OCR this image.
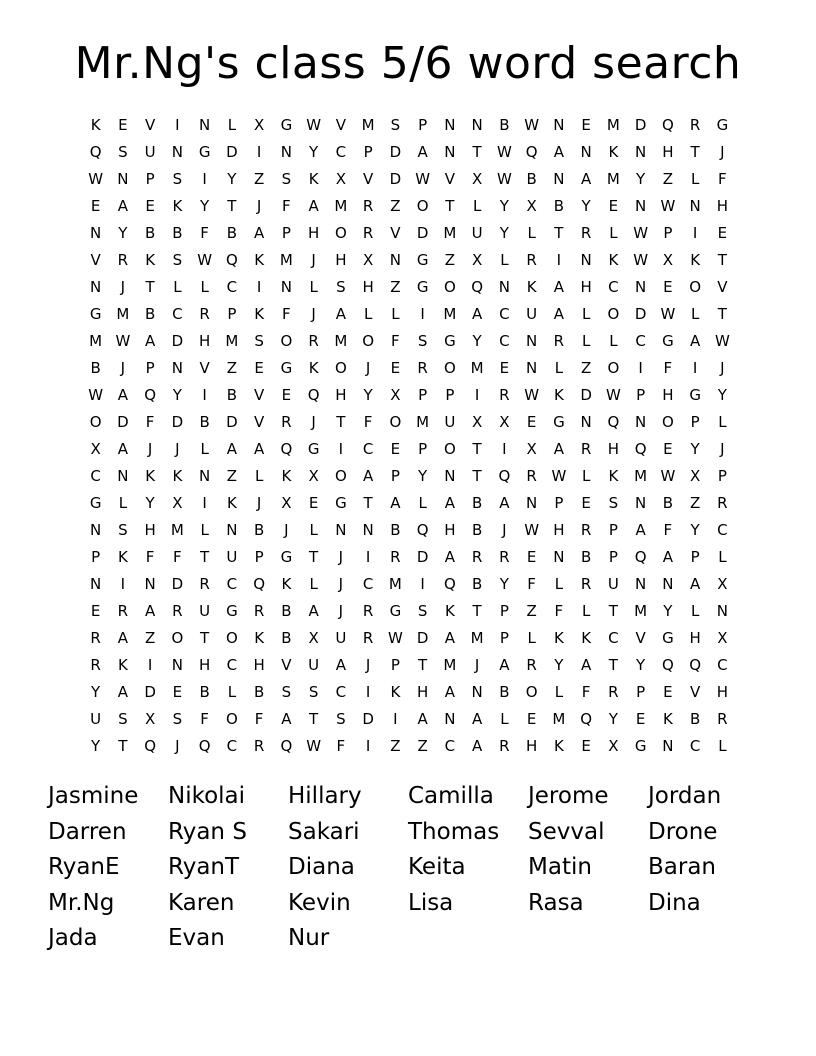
Mr.Ng's class 5/6 word search
K	E	V	I	N	L	X	G W V	M	S	P	N	N	B W N	E	M	D	Q	R	G
Q	S	U	N	G	D	I	N	Y	C	P	D	A	N	T	W Q	A	N	K	N	H	T	J
W N	P	S	I	Y	Z	S	K	X	V	D W V	X W B	N	A	M	Y	Z	L	F
E	A	E	K	Y	T	J	F	A	M	R	Z	O	T	L	Y	X	B	Y	E	N W N	H
N	Y	B	B	F	B	A	P	H	O	R	V	D M	U	Y	L	T	R	L	W	P	I	E
V	R	K	S	W Q	K	M	J	H	X	N	G	Z	X	L	R	I	N	K W X	K	T
N	J	T	L	L	C	I	N	L	S	H	Z	G	O	Q	N	K	A	H	C	N	E	O	V
G M	B	C	R	P	K	F	J	A	L	L	I	M	A	C	U	A	L	O	D W	L	T
M W A	D	H	M	S	O	R	M O	F	S	G	Y	C	N	R	L	L	C	G	A W
B	J	P	N	V	Z	E	G	K	O	J	E	R	O M	E	N	L	Z	O	I	F	I	J
W A	Q	Y	I	B	V	E	Q	H	Y	X	P	P	I	R W K	D W	P	H	G	Y
O	D	F	D	B	D	V	R	J	T	F	O M	U	X	X	E	G	N	Q	N	O	P	L
X	A	J	J	L	A	A	Q	G	I	C	E	P	O	T	I	X	A	R	H	Q	E	Y	J
C	N	K	K	N	Z	L	K	X	O	A	P	Y	N	T	Q	R W	L	K	M W X	P
G	L	Y	X	I	K	J	X	E	G	T	A	L	A	B	A	N	P	E	S	N	B	Z	R
N	S	H	M	L	N	B	J	L	N	N	B	Q	H	B	J	W H	R	P	A	F	Y	C
P	K	F	F	T	U	P	G	T	J	I	R	D	A	R	R	E	N	B	P	Q	A	P	L
N	I	N	D	R	C	Q	K	L	J	C	M	I	Q	B	Y	F	L	R	U	N	N	A	X
E	R	A	R	U	G	R	B	A	J	R	G	S	K	T	P	Z	F	L	T	M	Y	L	N
R	A	Z	O	T	O	K	B	X	U	R W D	A	M	P	L	K	K	C	V	G	H	X
R	K	I	N	H	C	H	V	U	A	J	P	T	M	J	A	R	Y	A	T	Y	Q	Q	C
Y	A	D	E	B	L	B	S	S	C	I	K	H	A	N	B	O	L	F	R	P	E	V	H
U	S	X	S	F	O	F	A	T	S	D	I	A	N	A	L	E	M Q	Y	E	K	B	R
Y	T	Q	J	Q	C	R	Q W	F	I	Z	Z	C	A	R	H	K	E	X	G	N	C	L
Jasmine	Nikolai	Hillary	Camilla	Jerome	Jordan
Darren	Ryan S	Sakari	Thomas	Sevval	Drone
RyanE	RyanT	Diana	Keita	Matin	Baran
Mr.Ng	Karen	Kevin	Lisa	Rasa	Dina
Jada	Evan	Nur
